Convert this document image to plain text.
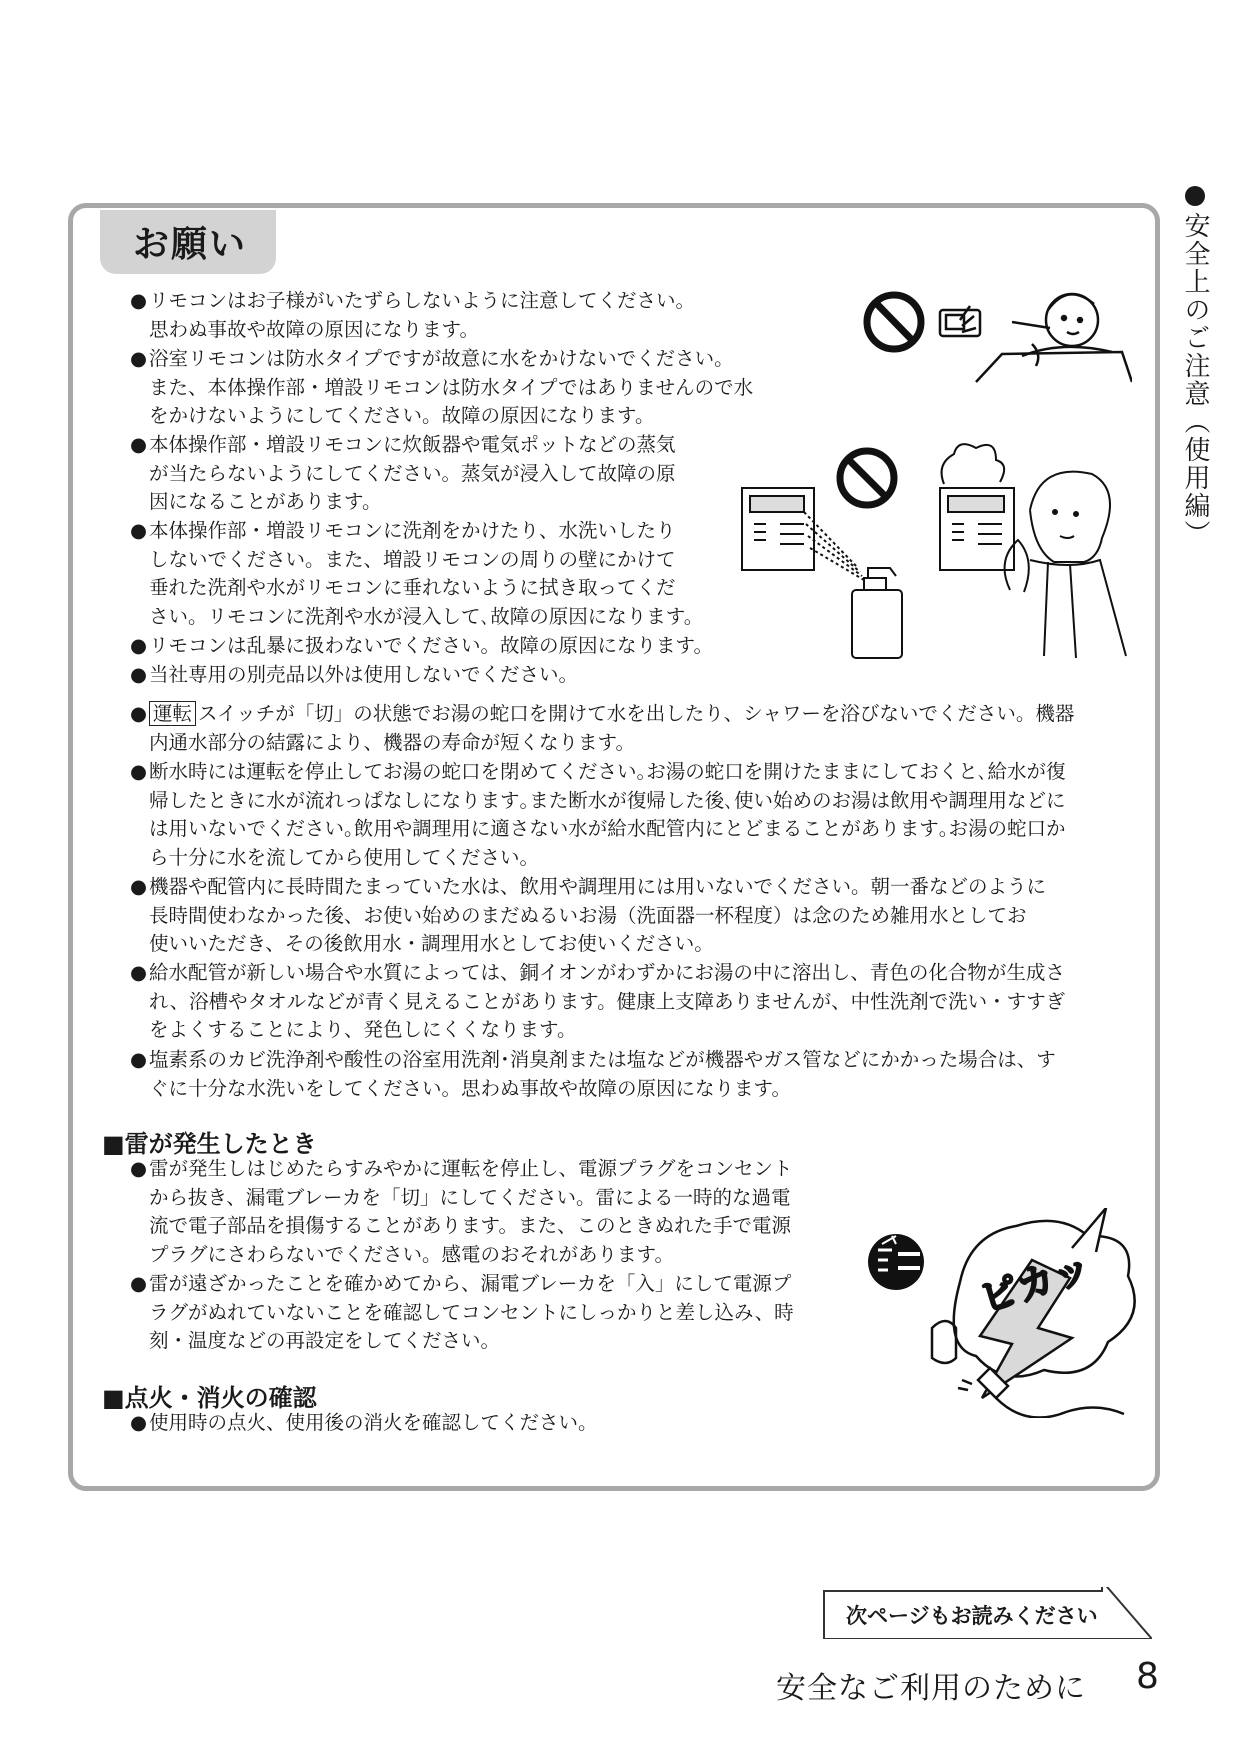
安全上のご注意（使用編）
お願い
● リモコンはお子様がいたずらしないように注意してください。
思わぬ事故や故障の原因になります。
● 浴室リモコンは防水タイプですが故意に水をかけないでください。
また、本体操作部・増設リモコンは防水タイプではありませんので水
をかけないようにしてください。故障の原因になります。
● 本体操作部・増設リモコンに炊飯器や電気ポットなどの蒸気
が当たらないようにしてください。蒸気が浸入して故障の原
因になることがあります。
● 本体操作部・増設リモコンに洗剤をかけたり、水洗いしたり
しないでください。また、増設リモコンの周りの壁にかけて
垂れた洗剤や水がリモコンに垂れないように拭き取ってくだ
さい。リモコンに洗剤や水が浸入して､故障の原因になります。
● リモコンは乱暴に扱わないでください。故障の原因になります。
● 当社専用の別売品以外は使用しないでください。
● 運転 スイッチが「切」の状態でお湯の蛇口を開けて水を出したり、シャワーを浴びないでください。機器
内通水部分の結露により、機器の寿命が短くなります。
● 断水時には運転を停止してお湯の蛇口を閉めてください｡お湯の蛇口を開けたままにしておくと､給水が復
帰したときに水が流れっぱなしになります｡また断水が復帰した後､使い始めのお湯は飲用や調理用などに
は用いないでください｡飲用や調理用に適さない水が給水配管内にとどまることがあります｡お湯の蛇口か
ら十分に水を流してから使用してください。
● 機器や配管内に長時間たまっていた水は、飲用や調理用には用いないでください。朝一番などのように
長時間使わなかった後、お使い始めのまだぬるいお湯（洗面器一杯程度）は念のため雑用水としてお
使いいただき、その後飲用水・調理用水としてお使いください。
● 給水配管が新しい場合や水質によっては、銅イオンがわずかにお湯の中に溶出し、青色の化合物が生成さ
れ、浴槽やタオルなどが青く見えることがあります。健康上支障ありませんが、中性洗剤で洗い・すすぎ
をよくすることにより、発色しにくくなります。
● 塩素系のカビ洗浄剤や酸性の浴室用洗剤･消臭剤または塩などが機器やガス管などにかかった場合は、す
ぐに十分な水洗いをしてください。思わぬ事故や故障の原因になります。
■雷が発生したとき
● 雷が発生しはじめたらすみやかに運転を停止し、電源プラグをコンセント
から抜き、漏電ブレーカを「切」にしてください。雷による一時的な過電
流で電子部品を損傷することがあります。また、このときぬれた手で電源
プラグにさわらないでください。感電のおそれがあります。
● 雷が遠ざかったことを確かめてから、漏電ブレーカを「入」にして電源プ
ラグがぬれていないことを確認してコンセントにしっかりと差し込み、時
刻・温度などの再設定をしてください。
■点火・消火の確認
● 使用時の点火、使用後の消火を確認してください。
ピカッ
次ページもお読みください
安全なご利用のために 8
